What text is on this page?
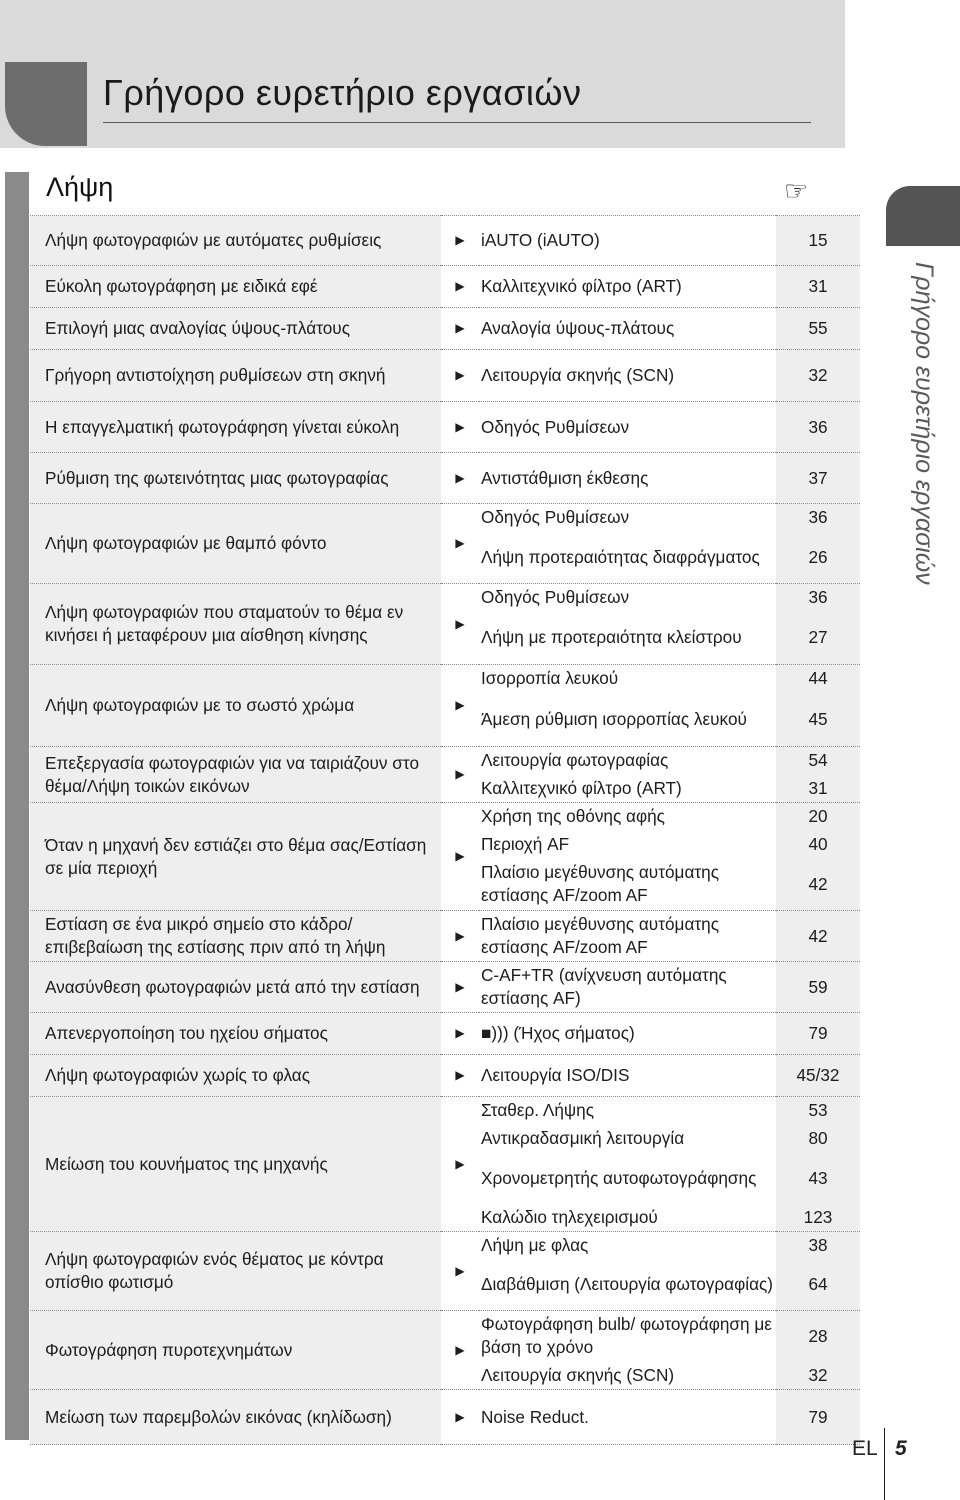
Γρήγορο ευρετήριο εργασιών
Λήψη	☞
Λήψη φωτογραφιών με αυτόματες ρυθμίσεις	▶	iAUTO (iAUTO)	15
Εύκολη φωτογράφηση με ειδικά εφέ	▶	Καλλιτεχνικό φίλτρο (ART)	31
Επιλογή μιας αναλογίας ύψους-πλάτους	▶	Αναλογία ύψους-πλάτους	55
Γρήγορη αντιστοίχηση ρυθμίσεων στη σκηνή	▶	Λειτουργία σκηνής (SCN)	32
Η επαγγελματική φωτογράφηση γίνεται εύκολη	▶	Οδηγός Ρυθμίσεων	36
Ρύθμιση της φωτεινότητας μιας φωτογραφίας	▶	Αντιστάθμιση έκθεσης	37
Λήψη φωτογραφιών με θαμπό φόντο	▶	Οδηγός Ρυθμίσεων	36
		Λήψη προτεραιότητας διαφράγματος	26
Λήψη φωτογραφιών που σταματούν το θέμα εν κινήσει ή μεταφέρουν μια αίσθηση κίνησης	▶	Οδηγός Ρυθμίσεων	36
		Λήψη με προτεραιότητα κλείστρου	27
Λήψη φωτογραφιών με το σωστό χρώμα	▶	Ισορροπία λευκού	44
		Άμεση ρύθμιση ισορροπίας λευκού	45
Επεξεργασία φωτογραφιών για να ταιριάζουν στο θέμα/Λήψη τοικών εικόνων	▶	Λειτουργία φωτογραφίας	54
		Καλλιτεχνικό φίλτρο (ART)	31
Όταν η μηχανή δεν εστιάζει στο θέμα σας/Εστίαση σε μία περιοχή	▶	Χρήση της οθόνης αφής	20
		Περιοχή AF	40
		Πλαίσιο μεγέθυνσης αυτόματης εστίασης AF/zoom AF	42
Εστίαση σε ένα μικρό σημείο στο κάδρο/ επιβεβαίωση της εστίασης πριν από τη λήψη	▶	Πλαίσιο μεγέθυνσης αυτόματης εστίασης AF/zoom AF	42
Ανασύνθεση φωτογραφιών μετά από την εστίαση	▶	C-AF+TR (ανίχνευση αυτόματης εστίασης AF)	59
Απενεργοποίηση του ηχείου σήματος	▶	■))) (Ήχος σήματος)	79
Λήψη φωτογραφιών χωρίς το φλας	▶	Λειτουργία ISO/DIS	45/32
Μείωση του κουνήματος της μηχανής	▶	Σταθερ. Λήψης	53
		Αντικραδασμική λειτουργία	80
		Χρονομετρητής αυτοφωτογράφησης	43
		Καλώδιο τηλεχειρισμού	123
Λήψη φωτογραφιών ενός θέματος με κόντρα οπίσθιο φωτισμό	▶	Λήψη με φλας	38
		Διαβάθμιση (Λειτουργία φωτογραφίας)	64
Φωτογράφηση πυροτεχνημάτων	▶	Φωτογράφηση bulb/ φωτογράφηση με βάση το χρόνο	28
		Λειτουργία σκηνής (SCN)	32
Μείωση των παρεμβολών εικόνας (κηλίδωση)	▶	Noise Reduct.	79
Γρήγορο ευρετήριο εργασιών
EL 5
